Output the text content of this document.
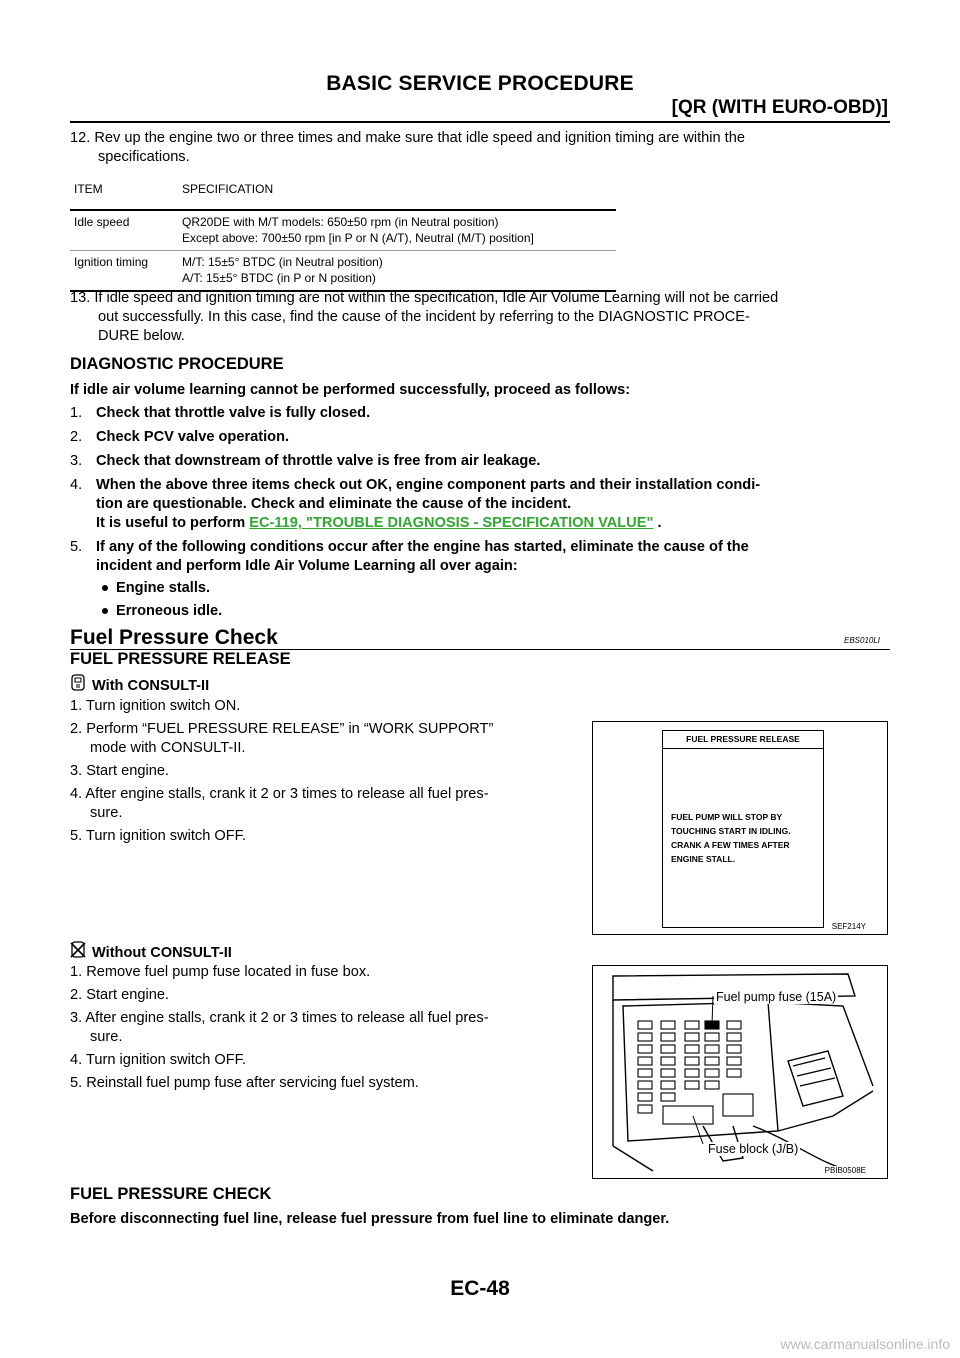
BASIC SERVICE PROCEDURE
[QR (WITH EURO-OBD)]
12. Rev up the engine two or three times and make sure that idle speed and ignition timing are within the
specifications.
ITEM	SPECIFICATION
Idle speed	QR20DE with M/T models: 650±50 rpm (in Neutral position)
Except above: 700±50 rpm [in P or N (A/T), Neutral (M/T) position]

Ignition timing	M/T: 15±5° BTDC (in Neutral position)
A/T: 15±5° BTDC (in P or N position)
13. If idle speed and ignition timing are not within the specification, Idle Air Volume Learning will not be carried
out successfully. In this case, find the cause of the incident by referring to the DIAGNOSTIC PROCE-
DURE below.
DIAGNOSTIC PROCEDURE
If idle air volume learning cannot be performed successfully, proceed as follows:
1. Check that throttle valve is fully closed.
2. Check PCV valve operation.
3. Check that downstream of throttle valve is free from air leakage.
4. When the above three items check out OK, engine component parts and their installation condi-
tion are questionable. Check and eliminate the cause of the incident.
It is useful to perform EC-119, "TROUBLE DIAGNOSIS - SPECIFICATION VALUE" .
5. If any of the following conditions occur after the engine has started, eliminate the cause of the
incident and perform Idle Air Volume Learning all over again:
Engine stalls.
Erroneous idle.
Fuel Pressure Check	EBS010LI
FUEL PRESSURE RELEASE
With CONSULT-II
1. Turn ignition switch ON.
2. Perform “FUEL PRESSURE RELEASE” in “WORK SUPPORT”
mode with CONSULT-II.
3. Start engine.
4. After engine stalls, crank it 2 or 3 times to release all fuel pres-
sure.
5. Turn ignition switch OFF.
FUEL PRESSURE RELEASE
FUEL PUMP WILL STOP BY
TOUCHING START IN IDLING.
CRANK A FEW TIMES AFTER
ENGINE STALL.
SEF214Y
Without CONSULT-II
1. Remove fuel pump fuse located in fuse box.
2. Start engine.
3. After engine stalls, crank it 2 or 3 times to release all fuel pres-
sure.
4. Turn ignition switch OFF.
5. Reinstall fuel pump fuse after servicing fuel system.
Fuel pump fuse (15A)
Fuse block (J/B)
PBIB0508E
FUEL PRESSURE CHECK
Before disconnecting fuel line, release fuel pressure from fuel line to eliminate danger.
EC-48
www.carmanualsonline.info
